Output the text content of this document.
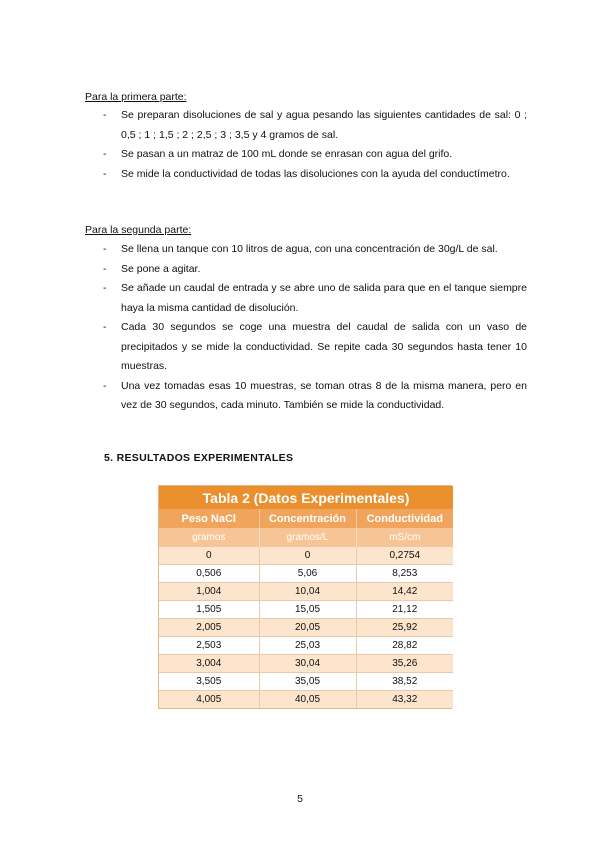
Para la primera parte:
- Se preparan disoluciones de sal y agua pesando las siguientes cantidades de sal: 0 ; 0,5 ; 1 ; 1,5 ; 2 ; 2,5 ; 3 ; 3,5 y 4 gramos de sal.
- Se pasan a un matraz de 100 mL donde se enrasan con agua del grifo.
- Se mide la conductividad de todas las disoluciones con la ayuda del conductímetro.
Para la segunda parte:
- Se llena un tanque con 10 litros de agua, con una concentración de 30g/L de sal.
- Se pone a agitar.
- Se añade un caudal de entrada y se abre uno de salida para que en el tanque siempre haya la misma cantidad de disolución.
- Cada 30 segundos se coge una muestra del caudal de salida con un vaso de precipitados y se mide la conductividad. Se repite cada 30 segundos hasta tener 10 muestras.
- Una vez tomadas esas 10 muestras, se toman otras 8 de la misma manera, pero en vez de 30 segundos, cada minuto. También se mide la conductividad.
5. RESULTADOS EXPERIMENTALES
Tabla 2 (Datos Experimentales)		
Peso NaCl	Concentración	Conductividad
gramos	gramos/L	mS/cm
0	0	0,2754
0,506	5,06	8,253
1,004	10,04	14,42
1,505	15,05	21,12
2,005	20,05	25,92
2,503	25,03	28,82
3,004	30,04	35,26
3,505	35,05	38,52
4,005	40,05	43,32
5
